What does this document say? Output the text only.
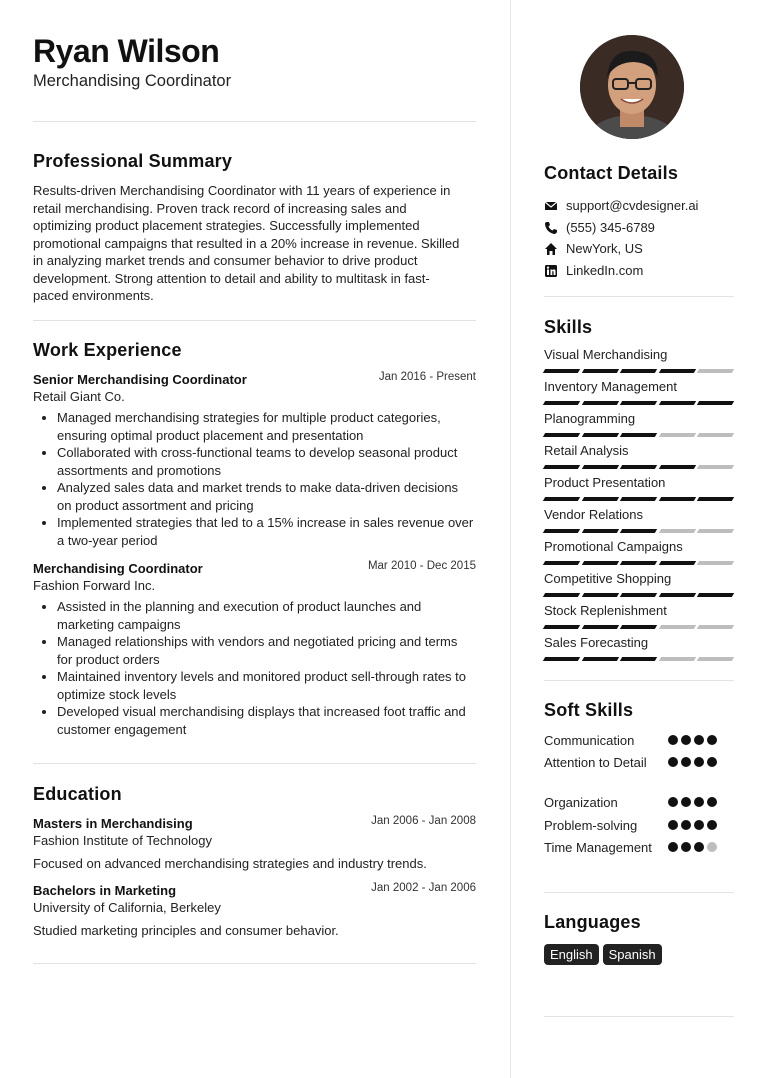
Ryan Wilson
Merchandising Coordinator
Professional Summary
Results-driven Merchandising Coordinator with 11 years of experience in retail merchandising. Proven track record of increasing sales and optimizing product placement strategies. Successfully implemented promotional campaigns that resulted in a 20% increase in revenue. Skilled in analyzing market trends and consumer behavior to drive product development. Strong attention to detail and ability to multitask in fast-paced environments.
Work Experience
Senior Merchandising Coordinator	Jan 2016 - Present
Retail Giant Co.
• Managed merchandising strategies for multiple product categories, ensuring optimal product placement and presentation
• Collaborated with cross-functional teams to develop seasonal product assortments and promotions
• Analyzed sales data and market trends to make data-driven decisions on product assortment and pricing
• Implemented strategies that led to a 15% increase in sales revenue over a two-year period
Merchandising Coordinator	Mar 2010 - Dec 2015
Fashion Forward Inc.
• Assisted in the planning and execution of product launches and marketing campaigns
• Managed relationships with vendors and negotiated pricing and terms for product orders
• Maintained inventory levels and monitored product sell-through rates to optimize stock levels
• Developed visual merchandising displays that increased foot traffic and customer engagement
Education
Masters in Merchandising	Jan 2006 - Jan 2008
Fashion Institute of Technology
Focused on advanced merchandising strategies and industry trends.
Bachelors in Marketing	Jan 2002 - Jan 2006
University of California, Berkeley
Studied marketing principles and consumer behavior.
Contact Details
support@cvdesigner.ai
(555) 345-6789
NewYork, US
LinkedIn.com
Skills
Visual Merchandising
Inventory Management
Planogramming
Retail Analysis
Product Presentation
Vendor Relations
Promotional Campaigns
Competitive Shopping
Stock Replenishment
Sales Forecasting
Soft Skills
Communication
Attention to Detail
Organization
Problem-solving
Time Management
Languages
English	Spanish
